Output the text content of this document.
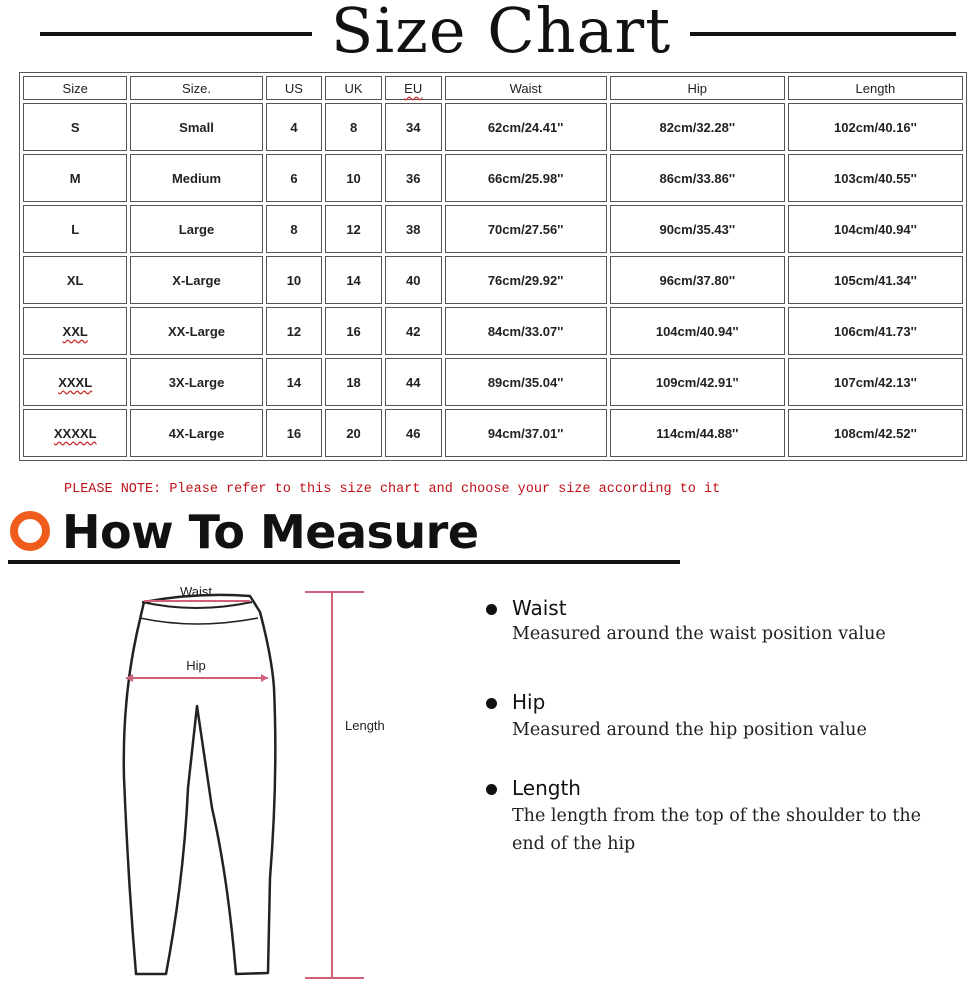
Size Chart
Size	Size.	US	UK	EU	Waist	Hip	Length
S	Small	4	8	34	62cm/24.41''	82cm/32.28''	102cm/40.16''
M	Medium	6	10	36	66cm/25.98''	86cm/33.86''	103cm/40.55''
L	Large	8	12	38	70cm/27.56''	90cm/35.43''	104cm/40.94''
XL	X-Large	10	14	40	76cm/29.92''	96cm/37.80''	105cm/41.34''
XXL	XX-Large	12	16	42	84cm/33.07''	104cm/40.94''	106cm/41.73''
XXXL	3X-Large	14	18	44	89cm/35.04''	109cm/42.91''	107cm/42.13''
XXXXL	4X-Large	16	20	46	94cm/37.01''	114cm/44.88''	108cm/42.52''
PLEASE NOTE: Please refer to this size chart and choose your size according to it
How To Measure
Waist
Hip
Length
Waist
Measured around the waist position value
Hip
Measured around the hip position value
Length
The length from the top of the shoulder to the end of the hip
